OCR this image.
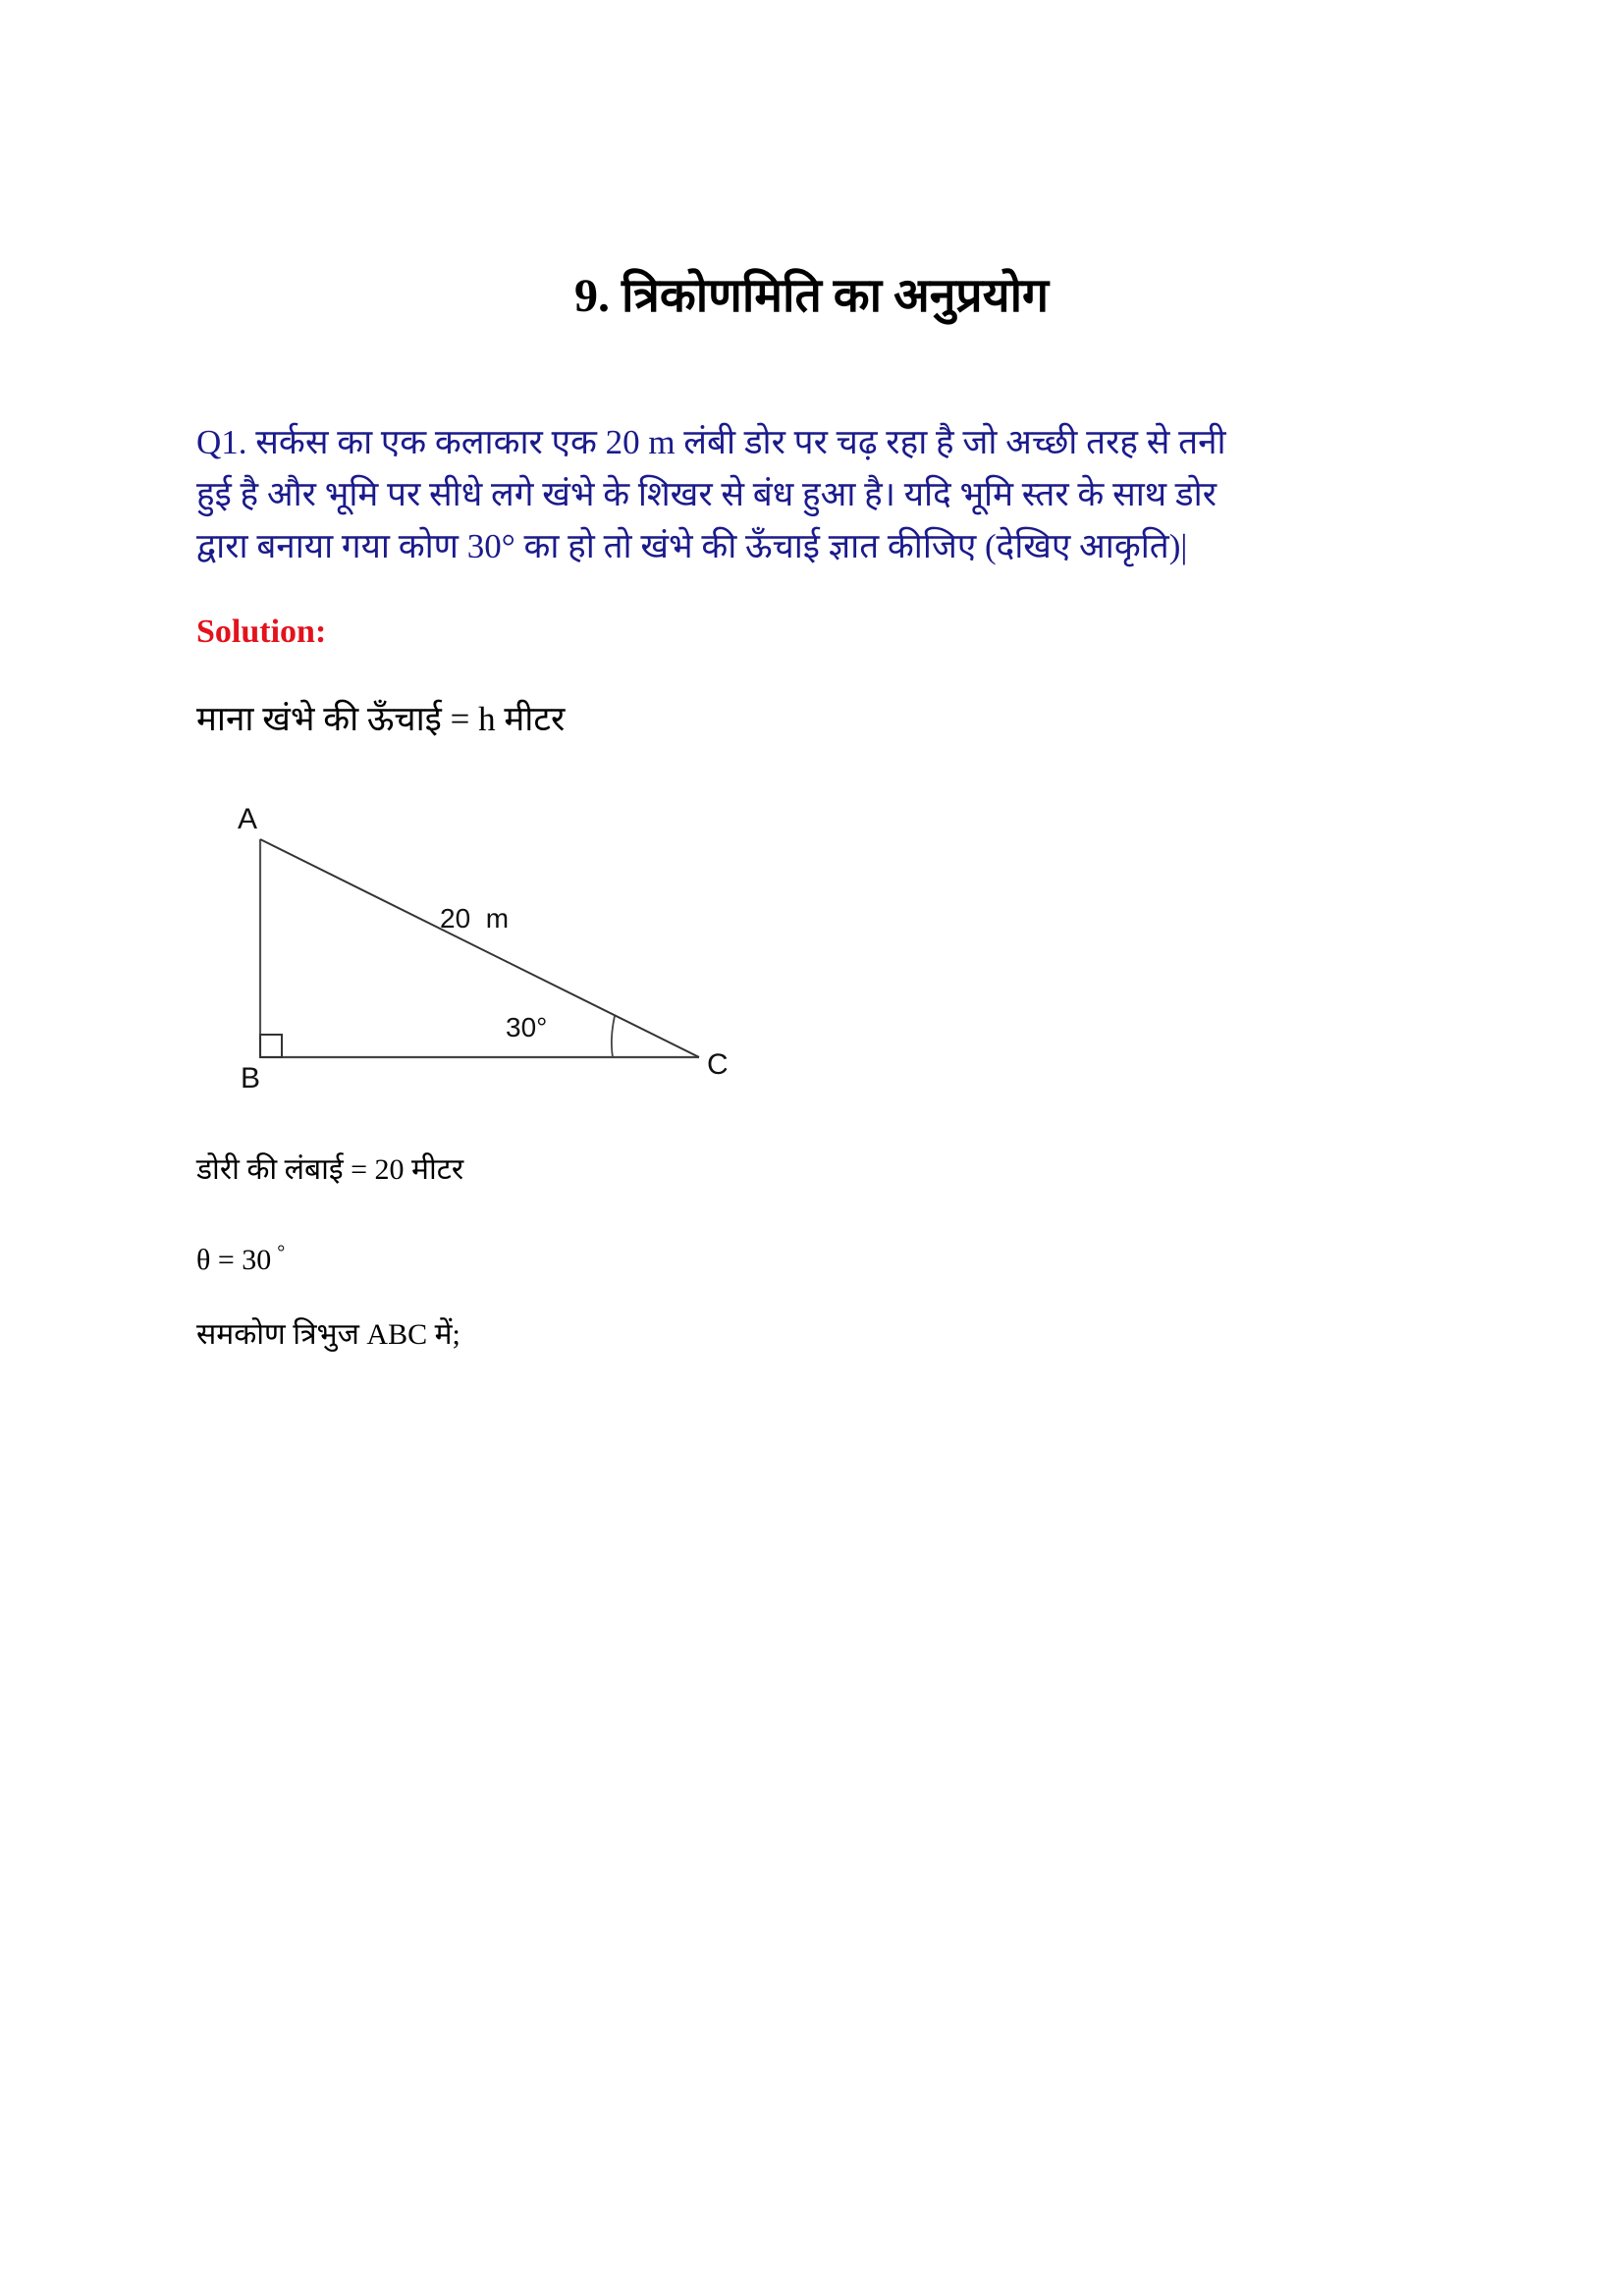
9. त्रिकोणमिति का अनुप्रयोग
Q1. सर्कस का एक कलाकार एक 20 m लंबी डोर पर चढ़ रहा है जो अच्छी तरह से तनी
हुई है और भूमि पर सीधे लगे खंभे के शिखर से बंध हुआ है। यदि भूमि स्तर के साथ डोर
द्वारा बनाया गया कोण 30° का हो तो खंभे की ऊँचाई ज्ञात कीजिए (देखिए आकृति)|
Solution:
माना खंभे की ऊँचाई = h मीटर
A
B	C
20  m
30°
डोरी की लंबाई = 20 मीटर
θ = 30 °
समकोण त्रिभुज ABC में;
